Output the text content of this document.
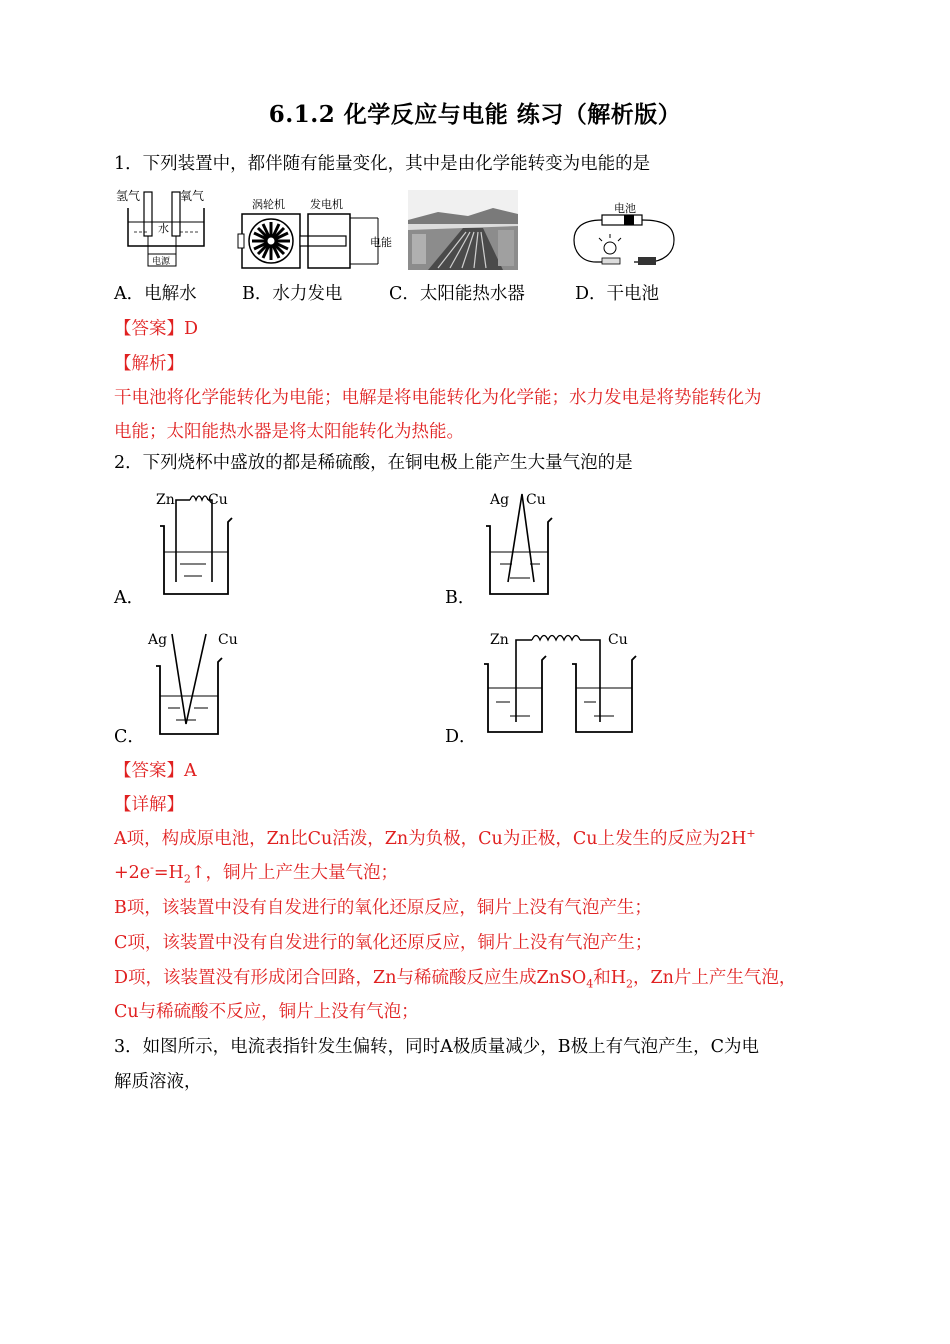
6.1.2 化学反应与电能 练习（解析版）
1．下列装置中，都伴随有能量变化，其中是由化学能转变为电能的是
氢气	氧气
水
电源
涡轮机 发电机
电能
电池
A．电解水	B．水力发电	C．太阳能热水器	D．干电池
【答案】D
【解析】
干电池将化学能转化为电能；电解是将电能转化为化学能；水力发电是将势能转化为
电能；太阳能热水器是将太阳能转化为热能。
2．下列烧杯中盛放的都是稀硫酸，在铜电极上能产生大量气泡的是
Zn Cu
A．
Ag Cu
B．
Ag	Cu
C．
Zn	Cu
D．
【答案】A
【详解】
A项，构成原电池，Zn比Cu活泼，Zn为负极，Cu为正极，Cu上发生的反应为2H+
$+2e^-=H_2↑$，铜片上产生大量气泡；
B项，该装置中没有自发进行的氧化还原反应，铜片上没有气泡产生；
C项，该装置中没有自发进行的氧化还原反应，铜片上没有气泡产生；
D项，该装置没有形成闭合回路，Zn与稀硫酸反应生成ZnSO$_4$和$H_2$，Zn片上产生气泡，
Cu与稀硫酸不反应，铜片上没有气泡；
3．如图所示，电流表指针发生偏转，同时A极质量减少，B极上有气泡产生，C为电
解质溶液，
